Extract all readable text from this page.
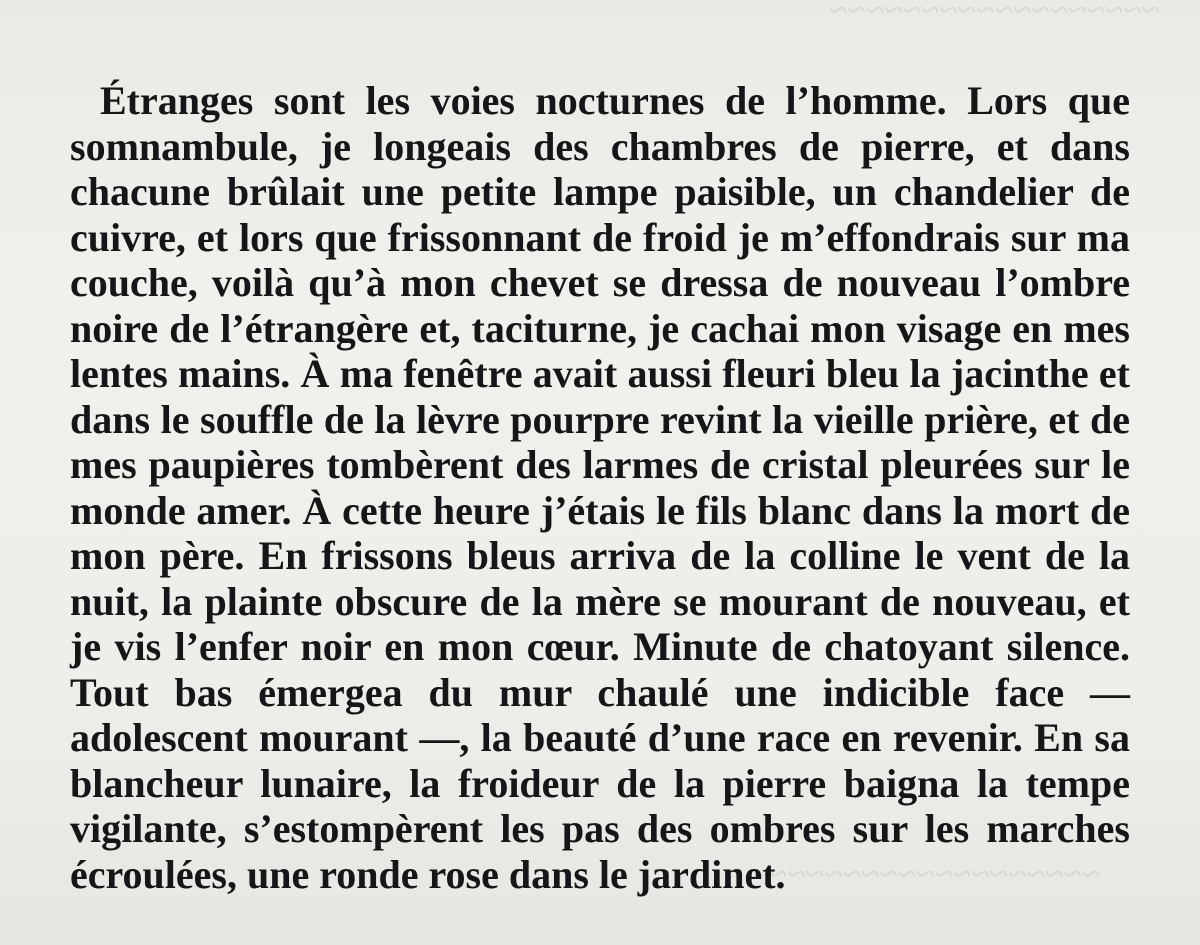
~~~~~~~~~~~~~~~~~~
~~~~~~~~~~~~~~~~~~
Étranges sont les voies nocturnes de l’homme. Lors que
somnambule, je longeais des chambres de pierre, et dans
chacune brûlait une petite lampe paisible, un chandelier de
cuivre, et lors que frissonnant de froid je m’effondrais sur ma
couche, voilà qu’à mon chevet se dressa de nouveau l’ombre
noire de l’étrangère et, taciturne, je cachai mon visage en mes
lentes mains. À ma fenêtre avait aussi fleuri bleu la jacinthe et
dans le souffle de la lèvre pourpre revint la vieille prière, et de
mes paupières tombèrent des larmes de cristal pleurées sur le
monde amer. À cette heure j’étais le fils blanc dans la mort de
mon père. En frissons bleus arriva de la colline le vent de la
nuit, la plainte obscure de la mère se mourant de nouveau, et
je vis l’enfer noir en mon cœur. Minute de chatoyant silence.
Tout bas émergea du mur chaulé une indicible face —
adolescent mourant —, la beauté d’une race en revenir. En sa
blancheur lunaire, la froideur de la pierre baigna la tempe
vigilante, s’estompèrent les pas des ombres sur les marches
écroulées, une ronde rose dans le jardinet.
